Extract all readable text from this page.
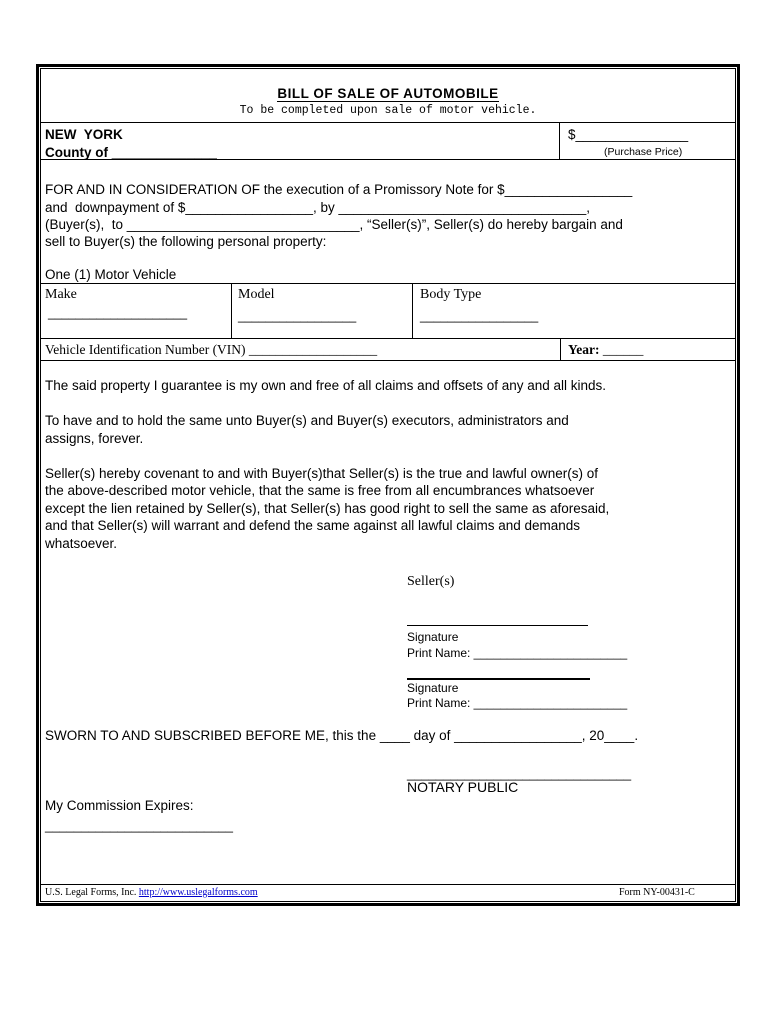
BILL OF SALE OF AUTOMOBILE
To be completed upon sale of motor vehicle.
NEW  YORK
County of ______________
$_______________
(Purchase Price)
FOR AND IN CONSIDERATION OF the execution of a Promissory Note for $_________________
and  downpayment of $_________________, by _________________________________,
(Buyer(s),  to _______________________________, “Seller(s)”, Seller(s) do hereby bargain and
sell to Buyer(s) the following personal property:
One (1) Motor Vehicle
Make
____________________
Model
_________________
Body Type
_________________
Vehicle Identification Number (VIN) ___________________	Year: ______
The said property I guarantee is my own and free of all claims and offsets of any and all kinds.
To have and to hold the same unto Buyer(s) and Buyer(s) executors, administrators and
assigns, forever.
Seller(s) hereby covenant to and with Buyer(s)that Seller(s) is the true and lawful owner(s) of
the above-described motor vehicle, that the same is free from all encumbrances whatsoever
except the lien retained by Seller(s), that Seller(s) has good right to sell the same as aforesaid,
and that Seller(s) will warrant and defend the same against all lawful claims and demands
whatsoever.
Seller(s)
Signature
Print Name: _______________________
Signature
Print Name: _______________________
SWORN TO AND SUBSCRIBED BEFORE ME, this the ____ day of _________________, 20____.
_______________________________
NOTARY PUBLIC
My Commission Expires:
__________________________
U.S. Legal Forms, Inc. http://www.uslegalforms.com	Form NY-00431-C
